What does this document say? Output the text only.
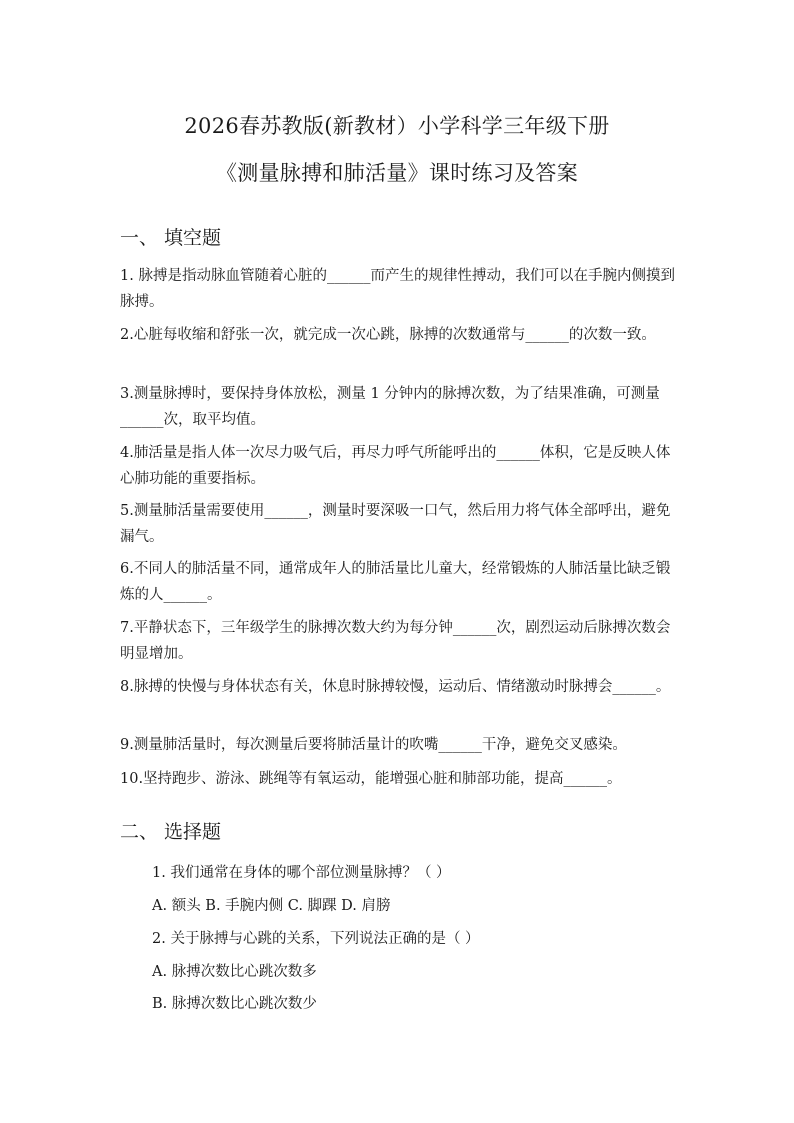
2026春苏教版(新教材）小学科学三年级下册
《测量脉搏和肺活量》课时练习及答案
一、 填空题
1. 脉搏是指动脉血管随着心脏的______而产生的规律性搏动，我们可以在手腕内侧摸到脉搏。
2.心脏每收缩和舒张一次，就完成一次心跳，脉搏的次数通常与______的次数一致。
3.测量脉搏时，要保持身体放松，测量 1 分钟内的脉搏次数，为了结果准确，可测量______次，取平均值。
4.肺活量是指人体一次尽力吸气后，再尽力呼气所能呼出的______体积，它是反映人体心肺功能的重要指标。
5.测量肺活量需要使用______，测量时要深吸一口气，然后用力将气体全部呼出，避免漏气。
6.不同人的肺活量不同，通常成年人的肺活量比儿童大，经常锻炼的人肺活量比缺乏锻炼的人______。
7.平静状态下，三年级学生的脉搏次数大约为每分钟______次，剧烈运动后脉搏次数会明显增加。
8.脉搏的快慢与身体状态有关，休息时脉搏较慢，运动后、情绪激动时脉搏会______。
9.测量肺活量时，每次测量后要将肺活量计的吹嘴______干净，避免交叉感染。
10.坚持跑步、游泳、跳绳等有氧运动，能增强心脏和肺部功能，提高______。
二、 选择题
1. 我们通常在身体的哪个部位测量脉搏？（ ）
A. 额头 B. 手腕内侧 C. 脚踝 D. 肩膀
2. 关于脉搏与心跳的关系，下列说法正确的是（ ）
A. 脉搏次数比心跳次数多
B. 脉搏次数比心跳次数少
